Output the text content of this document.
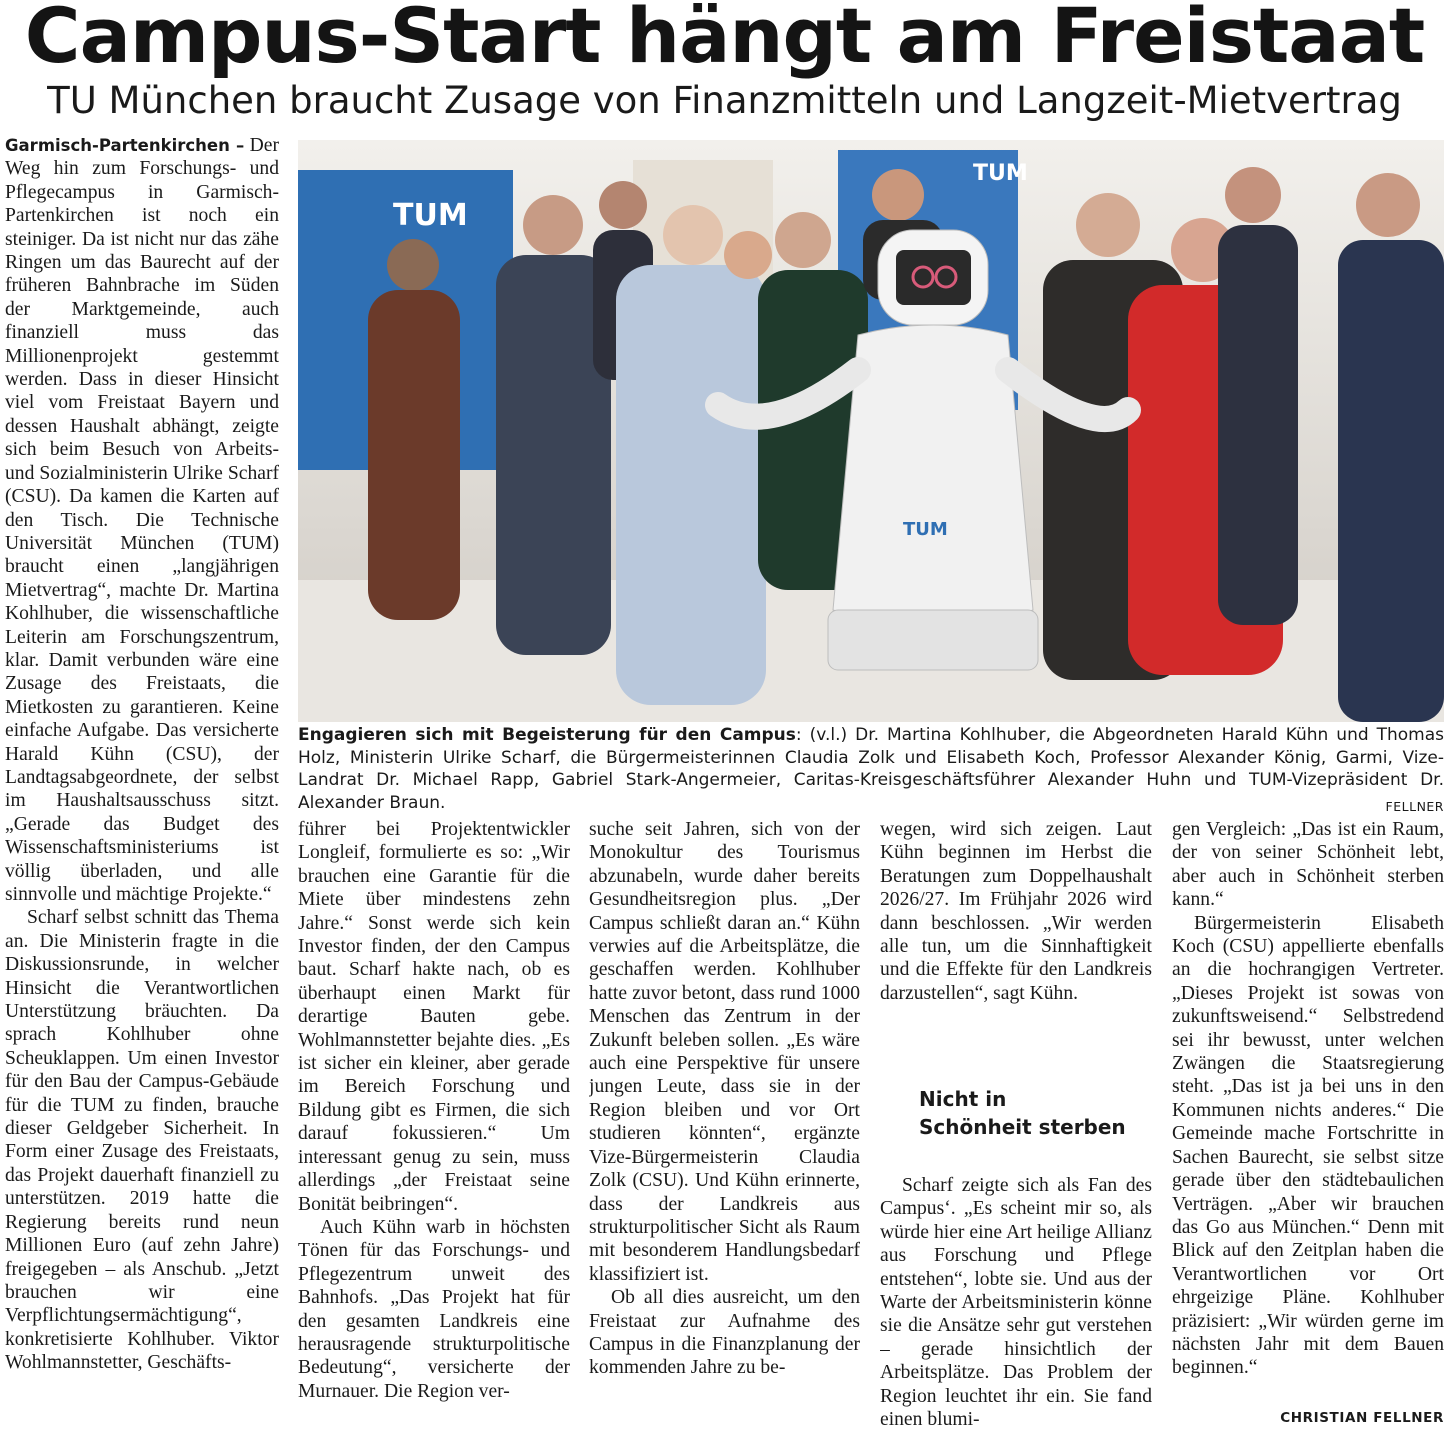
Campus-Start hängt am Freistaat
TU München braucht Zusage von Finanzmitteln und Langzeit-Mietvertrag

Garmisch-Partenkirchen – Der Weg hin zum Forschungs- und Pflegecampus in Garmisch-Partenkirchen ist noch ein steiniger. Da ist nicht nur das zähe Ringen um das Baurecht auf der früheren Bahnbrache im Süden der Marktgemeinde, auch finanziell muss das Millionenprojekt gestemmt werden. Dass in dieser Hinsicht viel vom Freistaat Bayern und dessen Haushalt abhängt, zeigte sich beim Besuch von Arbeits- und Sozialministerin Ulrike Scharf (CSU). Da kamen die Karten auf den Tisch. Die Technische Universität München (TUM) braucht einen „langjährigen Mietvertrag“, machte Dr. Martina Kohlhuber, die wissenschaftliche Leiterin am Forschungszentrum, klar. Damit verbunden wäre eine Zusage des Freistaats, die Mietkosten zu garantieren. Keine einfache Aufgabe. Das versicherte Harald Kühn (CSU), der Landtagsabgeordnete, der selbst im Haushaltsausschuss sitzt. „Gerade das Budget des Wissenschaftsministeriums ist völlig überladen, und alle sinnvolle und mächtige Projekte.“

Scharf selbst schnitt das Thema an. Die Ministerin fragte in die Diskussionsrunde, in welcher Hinsicht die Verantwortlichen Unterstützung bräuchten. Da sprach Kohlhuber ohne Scheuklappen. Um einen Investor für den Bau der Campus-Gebäude für die TUM zu finden, brauche dieser Geldgeber Sicherheit. In Form einer Zusage des Freistaats, das Projekt dauerhaft finanziell zu unterstützen. 2019 hatte die Regierung bereits rund neun Millionen Euro (auf zehn Jahre) freigegeben – als Anschub. „Jetzt brauchen wir eine Verpflichtungsermächtigung“, konkretisierte Kohlhuber. Viktor Wohlmannstetter, Geschäfts-

TUM
TUM
TUM

Engagieren sich mit Begeisterung für den Campus: (v.l.) Dr. Martina Kohlhuber, die Abgeordneten Harald Kühn und Thomas Holz, Ministerin Ulrike Scharf, die Bürgermeisterinnen Claudia Zolk und Elisabeth Koch, Professor Alexander König, Garmi, Vize-Landrat Dr. Michael Rapp, Gabriel Stark-Angermeier, Caritas-Kreisgeschäftsführer Alexander Huhn und TUM-Vizepräsident Dr. Alexander Braun.	FELLNER

führer bei Projektentwickler Longleif, formulierte es so: „Wir brauchen eine Garantie für die Miete über mindestens zehn Jahre.“ Sonst werde sich kein Investor finden, der den Campus baut. Scharf hakte nach, ob es überhaupt einen Markt für derartige Bauten gebe. Wohlmannstetter bejahte dies. „Es ist sicher ein kleiner, aber gerade im Bereich Forschung und Bildung gibt es Firmen, die sich darauf fokussieren.“ Um interessant genug zu sein, muss allerdings „der Freistaat seine Bonität beibringen“.

Auch Kühn warb in höchsten Tönen für das Forschungs- und Pflegezentrum unweit des Bahnhofs. „Das Projekt hat für den gesamten Landkreis eine herausragende strukturpolitische Bedeutung“, versicherte der Murnauer. Die Region ver-

suche seit Jahren, sich von der Monokultur des Tourismus abzunabeln, wurde daher bereits Gesundheitsregion plus. „Der Campus schließt daran an.“ Kühn verwies auf die Arbeitsplätze, die geschaffen werden. Kohlhuber hatte zuvor betont, dass rund 1000 Menschen das Zentrum in der Zukunft beleben sollen. „Es wäre auch eine Perspektive für unsere jungen Leute, dass sie in der Region bleiben und vor Ort studieren könnten“, ergänzte Vize-Bürgermeisterin Claudia Zolk (CSU). Und Kühn erinnerte, dass der Landkreis aus strukturpolitischer Sicht als Raum mit besonderem Handlungsbedarf klassifiziert ist.

Ob all dies ausreicht, um den Freistaat zur Aufnahme des Campus in die Finanzplanung der kommenden Jahre zu be-

wegen, wird sich zeigen. Laut Kühn beginnen im Herbst die Beratungen zum Doppelhaushalt 2026/27. Im Frühjahr 2026 wird dann beschlossen. „Wir werden alle tun, um die Sinnhaftigkeit und die Effekte für den Landkreis darzustellen“, sagt Kühn.

Nicht in
Schönheit sterben

Scharf zeigte sich als Fan des Campus‘. „Es scheint mir so, als würde hier eine Art heilige Allianz aus Forschung und Pflege entstehen“, lobte sie. Und aus der Warte der Arbeitsministerin könne sie die Ansätze sehr gut verstehen – gerade hinsichtlich der Arbeitsplätze. Das Problem der Region leuchtet ihr ein. Sie fand einen blumi-

gen Vergleich: „Das ist ein Raum, der von seiner Schönheit lebt, aber auch in Schönheit sterben kann.“

Bürgermeisterin Elisabeth Koch (CSU) appellierte ebenfalls an die hochrangigen Vertreter. „Dieses Projekt ist sowas von zukunftsweisend.“ Selbstredend sei ihr bewusst, unter welchen Zwängen die Staatsregierung steht. „Das ist ja bei uns in den Kommunen nichts anderes.“ Die Gemeinde mache Fortschritte in Sachen Baurecht, sie selbst sitze gerade über den städtebaulichen Verträgen. „Aber wir brauchen das Go aus München.“ Denn mit Blick auf den Zeitplan haben die Verantwortlichen vor Ort ehrgeizige Pläne. Kohlhuber präzisiert: „Wir würden gerne im nächsten Jahr mit dem Bauen beginnen.“

CHRISTIAN FELLNER
